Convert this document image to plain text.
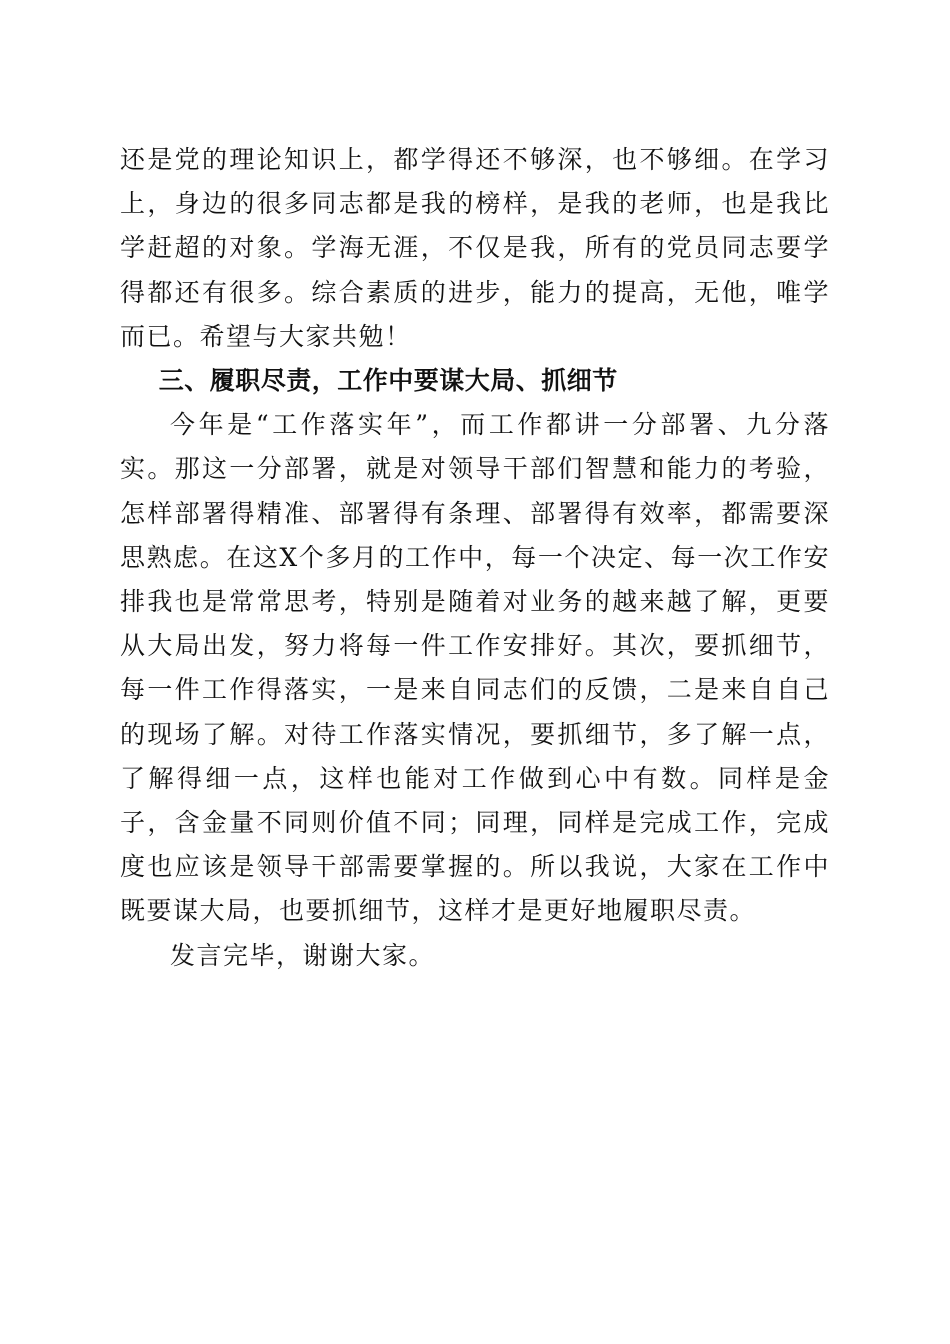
还是党的理论知识上，都学得还不够深，也不够细。在学习上，身边的很多同志都是我的榜样，是我的老师，也是我比学赶超的对象。学海无涯，不仅是我，所有的党员同志要学得都还有很多。综合素质的进步，能力的提高，无他，唯学而已。希望与大家共勉！

三、履职尽责，工作中要谋大局、抓细节

今年是“工作落实年”，而工作都讲一分部署、九分落实。那这一分部署，就是对领导干部们智慧和能力的考验，怎样部署得精准、部署得有条理、部署得有效率，都需要深思熟虑。在这X个多月的工作中，每一个决定、每一次工作安排我也是常常思考，特别是随着对业务的越来越了解，更要从大局出发，努力将每一件工作安排好。其次，要抓细节，每一件工作得落实，一是来自同志们的反馈，二是来自自己的现场了解。对待工作落实情况，要抓细节，多了解一点，了解得细一点，这样也能对工作做到心中有数。同样是金子，含金量不同则价值不同；同理，同样是完成工作，完成度也应该是领导干部需要掌握的。所以我说，大家在工作中既要谋大局，也要抓细节，这样才是更好地履职尽责。

发言完毕，谢谢大家。
